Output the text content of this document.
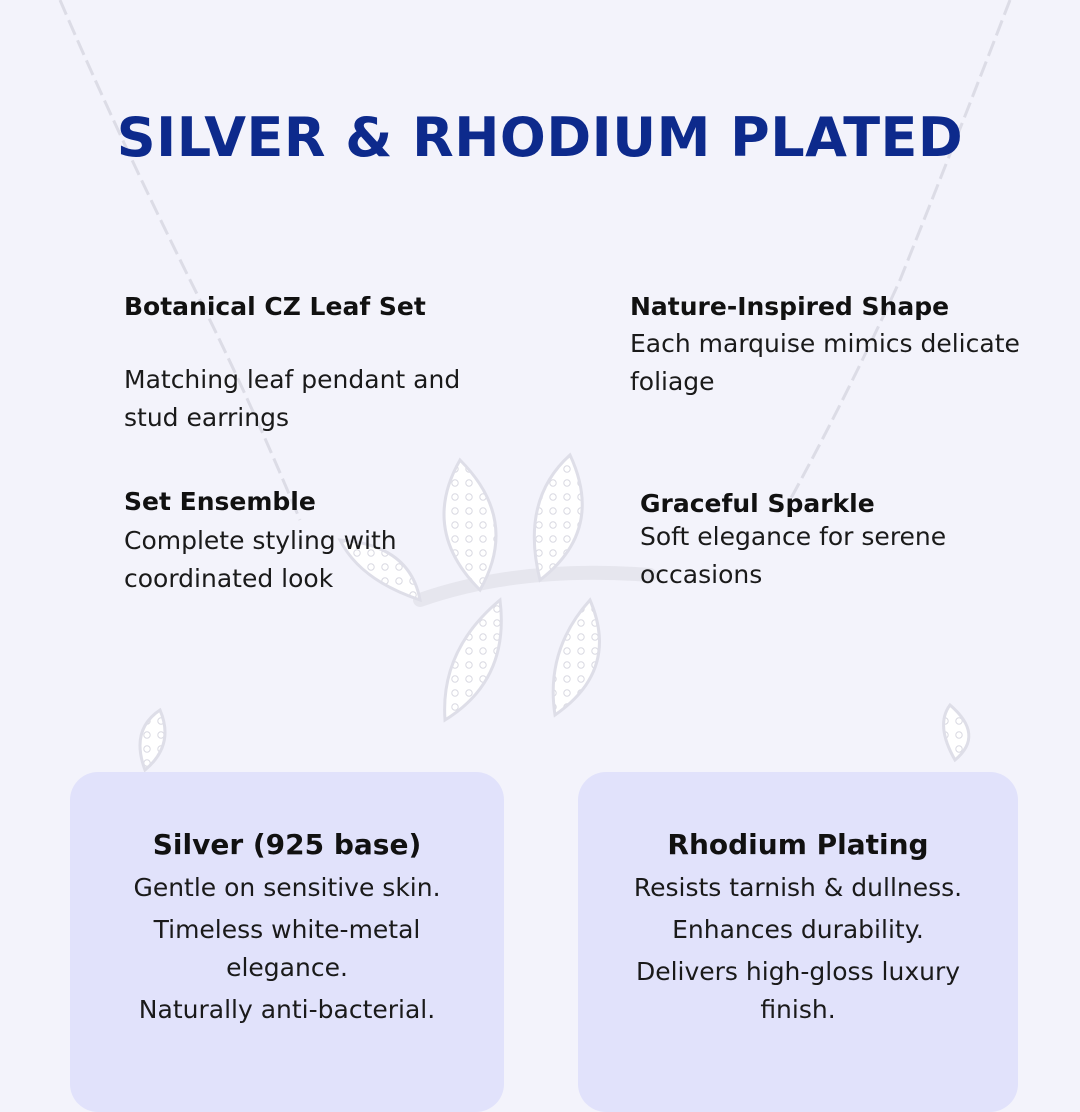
SILVER & RHODIUM PLATED
Botanical CZ Leaf Set

Matching leaf pendant and stud earrings

Nature-Inspired Shape

Each marquise mimics delicate foliage

Set Ensemble

Complete styling with coordinated look

Graceful Sparkle

Soft elegance for serene occasions

Silver (925 base)
Gentle on sensitive skin.
Timeless white-metal elegance.
Naturally anti-bacterial.
Rhodium Plating
Resists tarnish & dullness.
Enhances durability.
Delivers high-gloss luxury finish.
